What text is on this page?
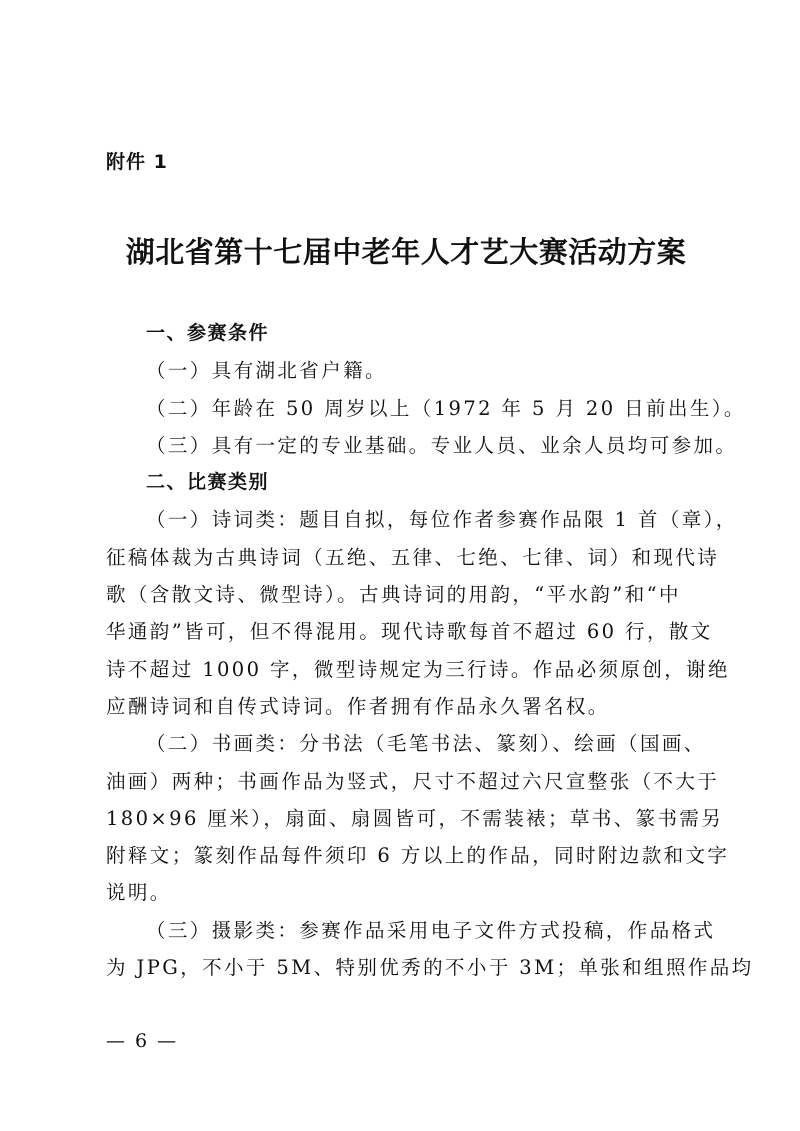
附件 1
湖北省第十七届中老年人才艺大赛活动方案
一、参赛条件
（一）具有湖北省户籍。
（二）年龄在 50 周岁以上（1972 年 5 月 20 日前出生）。
（三）具有一定的专业基础。专业人员、业余人员均可参加。
二、比赛类别
（一）诗词类：题目自拟，每位作者参赛作品限 1 首（章），
征稿体裁为古典诗词（五绝、五律、七绝、七律、词）和现代诗
歌（含散文诗、微型诗）。古典诗词的用韵，“平水韵”和“中
华通韵”皆可，但不得混用。现代诗歌每首不超过 60 行，散文
诗不超过 1000 字，微型诗规定为三行诗。作品必须原创，谢绝
应酬诗词和自传式诗词。作者拥有作品永久署名权。
（二）书画类：分书法（毛笔书法、篆刻）、绘画（国画、
油画）两种；书画作品为竖式，尺寸不超过六尺宣整张（不大于
180×96 厘米），扇面、扇圆皆可，不需装裱；草书、篆书需另
附释文；篆刻作品每件须印 6 方以上的作品，同时附边款和文字
说明。
（三）摄影类：参赛作品采用电子文件方式投稿，作品格式
为 JPG，不小于 5M、特别优秀的不小于 3M；单张和组照作品均
— 6 —
